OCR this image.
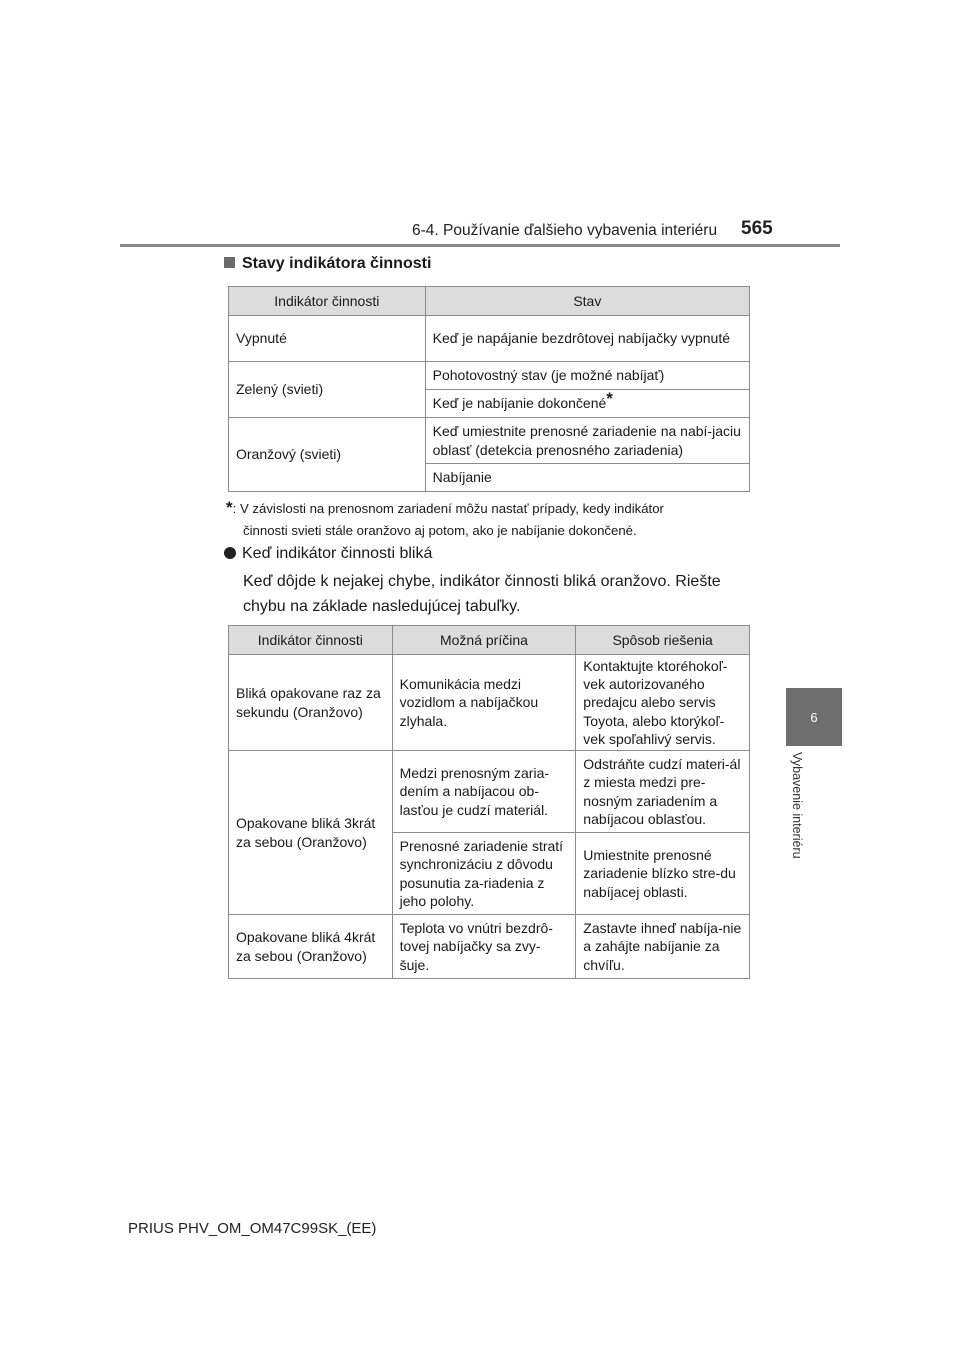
6-4. Používanie ďalšieho vybavenia interiéru 565
6
Vybavenie interiéru
Stavy indikátora činnosti
Indikátor činnosti	Stav
Vypnuté	Keď je napájanie bezdrôtovej nabíjačky vypnuté
Zelený (svieti)	Pohotovostný stav (je možné nabíjať)
	Keď je nabíjanie dokončené*
Oranžový (svieti)	Keď umiestnite prenosné zariadenie na nabí-jaciu oblasť (detekcia prenosného zariadenia)
	Nabíjanie
*: V závislosti na prenosnom zariadení môžu nastať prípady, kedy indikátor
činnosti svieti stále oranžovo aj potom, ako je nabíjanie dokončené.
Keď indikátor činnosti bliká
Keď dôjde k nejakej chybe, indikátor činnosti bliká oranžovo. Riešte chybu na základe nasledujúcej tabuľky.
Indikátor činnosti	Možná príčina	Spôsob riešenia
Bliká opakovane raz za sekundu (Oranžovo)	Komunikácia medzi vozidlom a nabíjačkou zlyhala.	Kontaktujte ktoréhokoľ-vek autorizovaného predajcu alebo servis Toyota, alebo ktorýkoľ-vek spoľahlivý servis.
Opakovane bliká 3krát za sebou (Oranžovo)	Medzi prenosným zaria-dením a nabíjacou ob-lasťou je cudzí materiál.	Odstráňte cudzí materi-ál z miesta medzi pre-nosným zariadením a nabíjacou oblasťou.
	Prenosné zariadenie stratí synchronizáciu z dôvodu posunutia za-riadenia z jeho polohy.	Umiestnite prenosné zariadenie blízko stre-du nabíjacej oblasti.
Opakovane bliká 4krát za sebou (Oranžovo)	Teplota vo vnútri bezdrô-tovej nabíjačky sa zvy-šuje.	Zastavte ihneď nabíja-nie a zahájte nabíjanie za chvíľu.
PRIUS PHV_OM_OM47C99SK_(EE)
